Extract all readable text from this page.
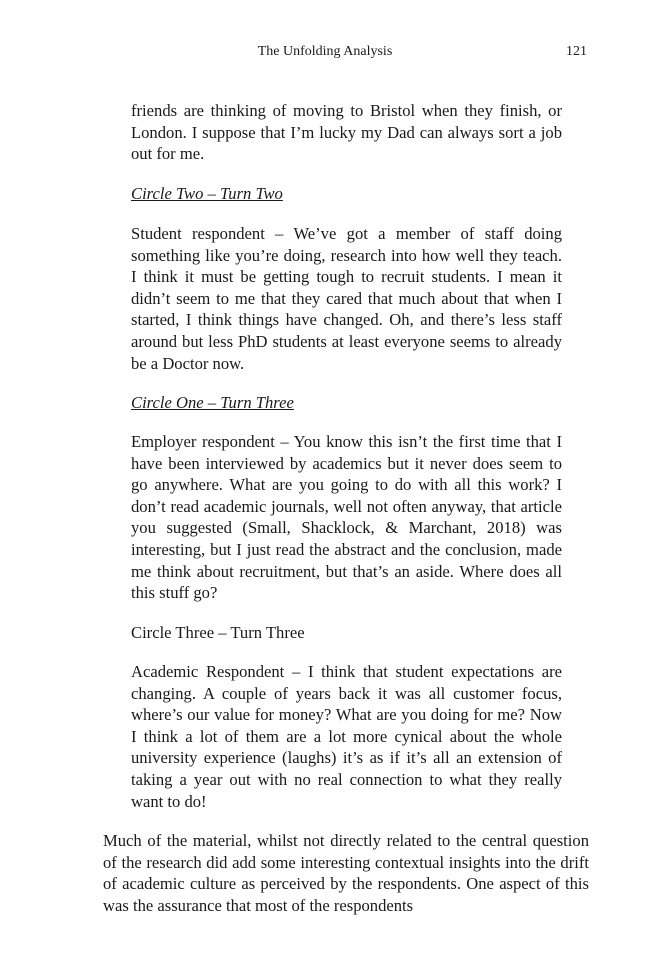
The Unfolding Analysis	121

friends are thinking of moving to Bristol when they finish, or London. I suppose that I’m lucky my Dad can always sort a job out for me.

Circle Two – Turn Two

Student respondent – We’ve got a member of staff doing something like you’re doing, research into how well they teach. I think it must be getting tough to recruit students. I mean it didn’t seem to me that they cared that much about that when I started, I think things have changed. Oh, and there’s less staff around but less PhD students at least everyone seems to already be a Doctor now.

Circle One – Turn Three

Employer respondent – You know this isn’t the first time that I have been interviewed by academics but it never does seem to go anywhere. What are you going to do with all this work? I don’t read academic journals, well not often anyway, that article you suggested (Small, Shacklock, & Marchant, 2018) was interesting, but I just read the abstract and the conclusion, made me think about recruitment, but that’s an aside. Where does all this stuff go?

Circle Three – Turn Three

Academic Respondent – I think that student expectations are changing. A couple of years back it was all customer focus, where’s our value for money? What are you doing for me? Now I think a lot of them are a lot more cynical about the whole university experience (laughs) it’s as if it’s all an extension of taking a year out with no real connection to what they really want to do!

Much of the material, whilst not directly related to the central question of the research did add some interesting contextual insights into the drift of academic culture as perceived by the respondents. One aspect of this was the assurance that most of the respondents
